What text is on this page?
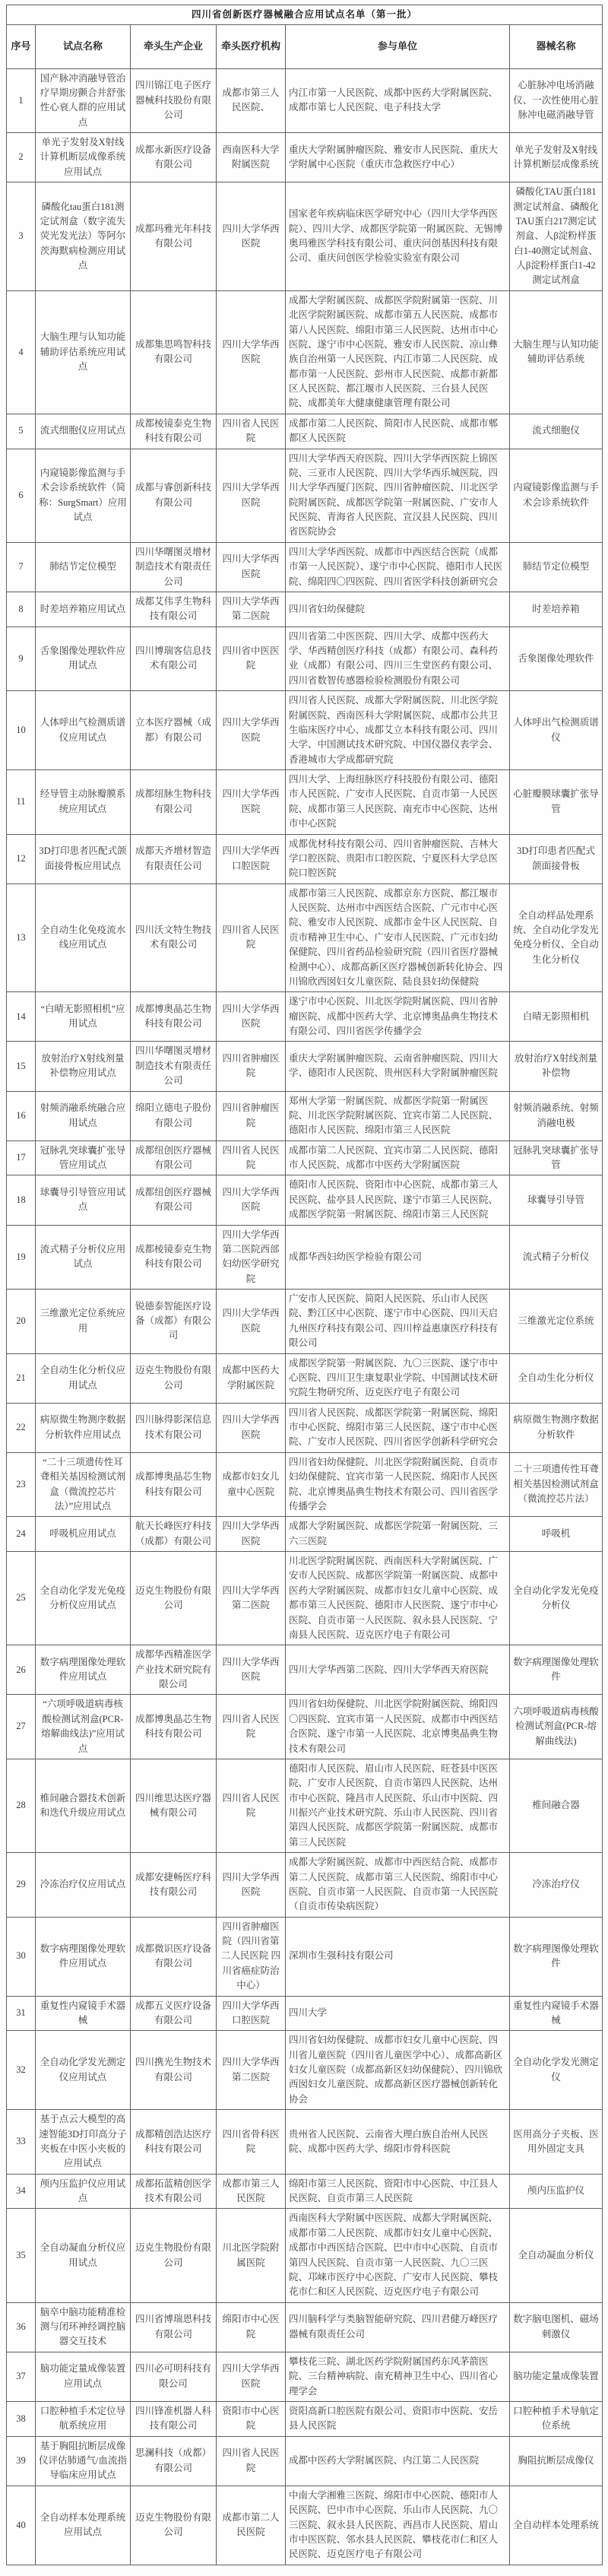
四川省创新医疗器械融合应用试点名单（第一批）					
序号	试点名称	牵头生产企业	牵头医疗机构	参与单位	器械名称
1	国产脉冲消融导管治疗早期房颤合并舒张性心衰人群的应用试点	四川锦江电子医疗器械科技股份有限公司	成都市第三人民医院、	内江市第一人民医院、成都中医药大学附属医院、成都市第七人民医院、电子科技大学	心脏脉冲电场消融仪、一次性使用心脏脉冲电磁消融导管
2	单光子发射及X射线计算机断层成像系统应用试点	成都永新医疗设备有限公司	西南医科大学附属医院	重庆大学附属肿瘤医院、雅安市人民医院、重庆大学附属中心医院（重庆市急救医疗中心）	单光子发射及X射线计算机断层成像系统
3	磷酸化tau蛋白181测定试剂盒（数字流失荧光发光法）等阿尔茨海默病检测应用试点	成都玛雅光年科技有限公司	四川大学华西医院	国家老年疾病临床医学研究中心（四川大学华西医院）、四川大学、成都医学院第一附属医院、无锡博奥玛雅医学科技有限公司、重庆问创基因科技有限公司、重庆问创医学检验实验室有限公司	磷酸化TAU蛋白181测定试剂盒、磷酸化TAU蛋白217测定试剂盒、人β淀粉样蛋白1-40测定试剂盒、人β淀粉样蛋白1-42测定试剂盒
4	大脑生理与认知功能辅助评估系统应用试点	成都集思鸣智科技有限公司	四川大学华西医院	成都大学附属医院、成都医学院附属第一医院、川北医学院附属医院、成都市第五人民医院、成都市第八人民医院、绵阳市第三人民医院、达州市中心医院、遂宁市中心医院、雅安市人民医院、凉山彝族自治州第一人民医院、内江市第二人民医院、成都市第一人民医院、彭州市人民医院、成都市新都区人民医院、都江堰市人民医院、三台县人民医院、成都美年大健康健康管理有限公司	大脑生理与认知功能辅助评估系统
5	流式细胞仪应用试点	成都棱镜泰克生物科技有限公司	四川省人民医院	成都市第二人民医院、简阳市人民医院、成都市郫都区人民医院	流式细胞仪
6	内窥镜影像监测与手术会诊系统软件（简称：SurgSmart）应用试点	成都与睿创新科技有限公司	四川大学华西医院	四川大学华西天府医院、四川大学华西医院上锦医院、三亚市人民医院、四川大学华西乐城医院、四川大学华西厦门医院、四川省肿瘤医院、川北医学院附属医院、成都医学院第一附属医院、广安市人民医院、青海省人民医院、宣汉县人民医院、四川省医院协会	内窥镜影像监测与手术会诊系统软件
7	肺结节定位模型	四川华曙图灵增材制造技术有限责任公司	四川大学华西医院	四川大学华西医院、成都市中西医结合医院（成都市第一人民医院）、遂宁市中心医院、德阳市人民医院、绵阳四〇四医院、四川省医学科技创新研究会	肺结节定位模型
8	时差培养箱应用试点	成都艾伟孚生物科技有限公司	四川大学华西第二医院	四川省妇幼保健院	时差培养箱
9	舌象图像处理软件应用试点	四川博瑞客信息技术有限公司	四川省中医医院	四川省第二中医医院、四川大学、成都中医药大学、华西精创医疗科技（成都）有限公司、森科药业（成都）有限公司、四川三生堂医药有限公司、四川省数智传感器检验检测股份有限公司	舌象图像处理软件
10	人体呼出气检测质谱仪应用试点	立本医疗器械（成都）有限公司	四川大学华西医院	四川省人民医院、成都大学附属医院、川北医学院附属医院、西南医科大学附属医院、成都市公共卫生临床医疗中心、成都艾立本科技有限公司、四川大学、中国测试技术研究院、中国仪器仪表学会、香港城市大学成都研究院	人体呼出气检测质谱仪
11	经导管主动脉瓣膜系统应用试点	成都纽脉生物科技有限公司	四川大学华西医院	四川大学、上海纽脉医疗科技股份有限公司、德阳市人民医院、广安市人民医院、自贡市第一人民医院、成都市第三人民医院、南充市中心医院、达州市中心医院	心脏瓣膜球囊扩张导管
12	3D打印患者匹配式颌面接骨板应用试点	成都天齐增材智造有限责任公司	四川大学华西口腔医院	成都优材科技有限公司、四川省肿瘤医院、吉林大学口腔医院、贵阳市口腔医院、宁夏医科大学总医院口腔医院	3D打印患者匹配式颌面接骨板
13	全自动生化免疫流水线应用试点	四川沃文特生物技术有限公司	四川省人民医院	成都市第三人民医院、成都京东方医院、都江堰市人民医院、达州市中西医结合医院、广元市中心医院、雅安市人民医院、成都市金牛区人民医院、自贡市精神卫生中心、广安市人民医院、广元市妇幼保健院、四川省药品检验研究院（四川省医疗器械检测中心）、成都高新区医疗器械创新转化协会、四川锦欣西囡妇女儿童医院、陆良县妇幼保健院	全自动样品处理系统、全自动化学发光免疫分析仪、全自动生化分析仪
14	“白晴无影照相机”应用试点	成都博奥晶芯生物科技有限公司	四川大学华西医院	遂宁市中心医院、川北医学院附属医院、四川省肿瘤医院、成都中医药大学、北京博奥晶典生物技术有限公司、四川省医学传播学会	白晴无影照相机
15	放射治疗X射线剂量补偿物应用试点	四川华曙图灵增材制造技术有限责任公司	四川省肿瘤医院	重庆大学附属肿瘤医院、云南省肿瘤医院、四川大学、德阳市人民医院、贵州医科大学附属肿瘤医院	放射治疗X射线剂量补偿物
16	射频消融系统融合应用试点	绵阳立德电子股份有限公司	四川省肿瘤医院	郑州大学第一附属医院、成都医学院第一附属医院、川北医学院附属医院、宜宾市第二人民医院、德阳市人民医院、绵阳市第三人民医院	射频消融系统、射频消融电极
17	冠脉乳突球囊扩张导管应用试点	成都纽创医疗器械有限公司	四川省人民医院	成都市第二人民医院、宜宾市第二人民医院、德阳市人民医院、成都市中医药大学附属医院	冠脉乳突球囊扩张导管
18	球囊导引导管应用试点	成都纽创医疗器械有限公司	四川大学华西医院	德阳市人民医院、资阳市中心医院、成都市第三人民医院、盐亭县人民医院、遂宁市第三人民医院、成都医学院第一附属医院、绵阳市第三人民医院	球囊导引导管
19	流式精子分析仪应用试点	成都棱镜泰克生物科技有限公司	四川大学华西第二医院西部妇幼医学研究院	成都华西妇幼医学检验有限公司	流式精子分析仪
20	三维激光定位系统应用	锐德泰智能医疗设备（成都）有限公司	四川大学华西医院	广安市人民医院、简阳人民医院、乐山市人民医院、黔江区中心医院、遂宁市中心医院、四川天启九州医疗科技有限公司、四川梓益惠康医疗科技有限公司	三维激光定位系统
21	全自动生化分析仪应用试点	迈克生物股份有限公司	成都中医药大学附属医院	成都医学院第一附属医院、九〇三医院、遂宁市中心医院、四川卫生康复职业学院、中国测试技术研究院生物研究所、迈克医疗电子有限公司	全自动生化分析仪
22	病原微生物测序数据分析软件应用试点	四川脉得影深信息技术有限公司	四川大学华西医院	四川省人民医院、成都医学院第一附属医院、绵阳市中心医院、绵阳市第三人民医院、遂宁市中心医院、广安市人民医院、四川省医学创新科学研究会	病原微生物测序数据分析软件
23	“二十三项遗传性耳聋相关基因检测试剂盒（微流控芯片法）”应用试点	成都博奥晶芯生物科技有限公司	成都市妇女儿童中心医院	四川省妇幼保健院、川北医学院附属医院、自贡市妇幼保健院、宜宾市第一人民医院、绵阳市人民医院、北京博奥晶典生物技术有限公司、四川省医学传播学会	二十三项遗传性耳聋相关基因检测试剂盒（微流控芯片法）
24	呼吸机应用试点	航天长峰医疗科技（成都）有限公司	四川大学华西医院	成都大学附属医院、成都医学院第一附属医院、三六三医院	呼吸机
25	全自动化学发光免疫分析仪应用试点	迈克生物股份有限公司	四川大学华西第二医院	川北医学院附属医院、西南医科大学附属医院、广安市人民医院、成都医学院第一附属医院、成都中医药大学附属医院、成都市妇女儿童中心医院、成都市第三人民医院、德阳市人民医院、遂宁市中心医院、自贡市第一人民医院、叙永县人民医院、宁南县人民医院、迈克医疗电子有限公司	全自动化学发光免疫分析仪
26	数字病理图像处理软件应用试点	成都华西精准医学产业技术研究院有限公司	四川大学华西医院	四川大学华西第二医院、四川大学华西天府医院	数字病理图像处理软件
27	“六项呼吸道病毒核酸检测试剂盒(PCR-熔解曲线法)”应用试点	成都博奥晶芯生物科技有限公司	四川省人民医院	四川省妇幼保健院、川北医学院附属医院、绵阳四〇四医院、宜宾市第一人民医院、成都市中西医结合医院、遂宁市第一人民医院、北京博奥晶典生物技术有限公司	六项呼吸道病毒核酸检测试剂盒(PCR-熔解曲线法)
28	椎间融合器技术创新和迭代升级应用试点	四川维思达医疗器械有限公司	四川省人民医院	德阳市人民医院、眉山市人民医院、旺苍县中医医院、广安市人民医院、自贡市第四人民医院、达州市中心医院、隆昌市人民医院、乐山市中医院、四川振兴产业技术研究院、乐山市人民医院、四川省第四人民医院、成都医学院第一附属医院、成都市第三人民医院	椎间融合器
29	冷冻治疗仪应用试点	成都安捷畅医疗科技有限公司	四川大学华西医院	成都大学附属医院、成都市中西医结合院、成都市第二人民医院、成都市第三人民医院、绵阳市中心医院、自贡市第一人民医院、自贡市第一人民医院（自贡市传染病医院）	冷冻治疗仪
30	数字病理图像处理软件应用试点	成都微识医疗设备有限公司	四川省肿瘤医院（四川省第二人民医院 四川省癌症防治中心）	深圳市生强科技有限公司	数字病理图像处理软件
31	重复性内窥镜手术器械	成都五义医疗设备有限公司	四川大学华西口腔医院	四川大学	重复性内窥镜手术器械
32	全自动化学发光测定仪应用试点	四川携光生物技术有限公司	四川大学华西第二医院	四川省妇幼保健院、成都市妇女儿童中心医院、四川省儿童医院（四川省儿童医学中心）、成都高新区妇女儿童医院（成都高新区妇幼保健院）、四川锦欣西囡妇女儿童医院、成都高新区医疗器械创新转化协会	全自动化学发光测定仪
33	基于点云大模型的高速智能3D打印高分子夹板在中医小夹板的应用试点	成都精创浩达医疗科技有限公司	四川省骨科医院	贵州省人民医院、云南省大理白族自治州人民医院、成都中医药大学、绵阳市骨科医院	医用高分子夹板、医用外固定支具
34	颅内压监护仪应用试点	成都拓蓝精创医学技术有限公司	成都市第三人民医院	绵阳市第三人民医院、资阳市中心医院、中江县人民医院、自贡市第三人民医院	颅内压监护仪
35	全自动凝血分析仪应用试点	迈克生物股份有限公司	川北医学院附属医院	西南医科大学附属中医医院、成都大学附属医院、成都市第二人民医院、成都市妇女儿童中心医院、成都市中西医结合医院、巴中市中心医院、自贡市第四人民医院、自贡市第一人民医院、九〇三医院、邛崃市医疗中心医院、广安市人民医院、攀枝花市仁和区人民医院、迈克医疗电子有限公司	全自动凝血分析仪
36	脑卒中脑功能精准检测与闭环神经调控脑器交互技术	四川省博瑞恩科技有限公司	绵阳市中心医院	四川脑科学与类脑智能研究院、四川君健万峰医疗器械有限责任公司	数字脑电图机、磁场刺激仪
37	脑功能定量成像装置应用试点	四川必可明科技有限公司	四川大学华西医院	攀枝花三院、湖北医药学院附属国药东风茅箭医院、三台精神病院、南充精神卫生中心、四川省心理学会	脑功能定量成像装置
38	口腔种植手术定位导航系统应用	四川锋准机器人科技有限公司	资阳市中心医院	资阳高新口腔医院有限公司、资阳市中医院、安岳县人民医院	口腔种植手术导航定位系统
39	基于胸阻抗断层成像仪评估肺通气/血流指导临床应用试点	思澜科技（成都）有限公司	四川省人民医院	成都中医药大学附属医院、内江第二人民医院	胸阻抗断层成像仪
40	全自动样本处理系统应用试点	迈克生物股份有限公司	成都市第二人民医院	中南大学湘雅三医院、绵阳市中心医院、德阳市人民医院、巴中市中心医院、乐山市人民医院、九〇三医院、叙永县人民医院、西昌市人民医院、眉山市中医医院、邻水县人民医院、攀枝花市仁和区人民医院、迈克医疗电子有限公司	全自动样本处理系统
